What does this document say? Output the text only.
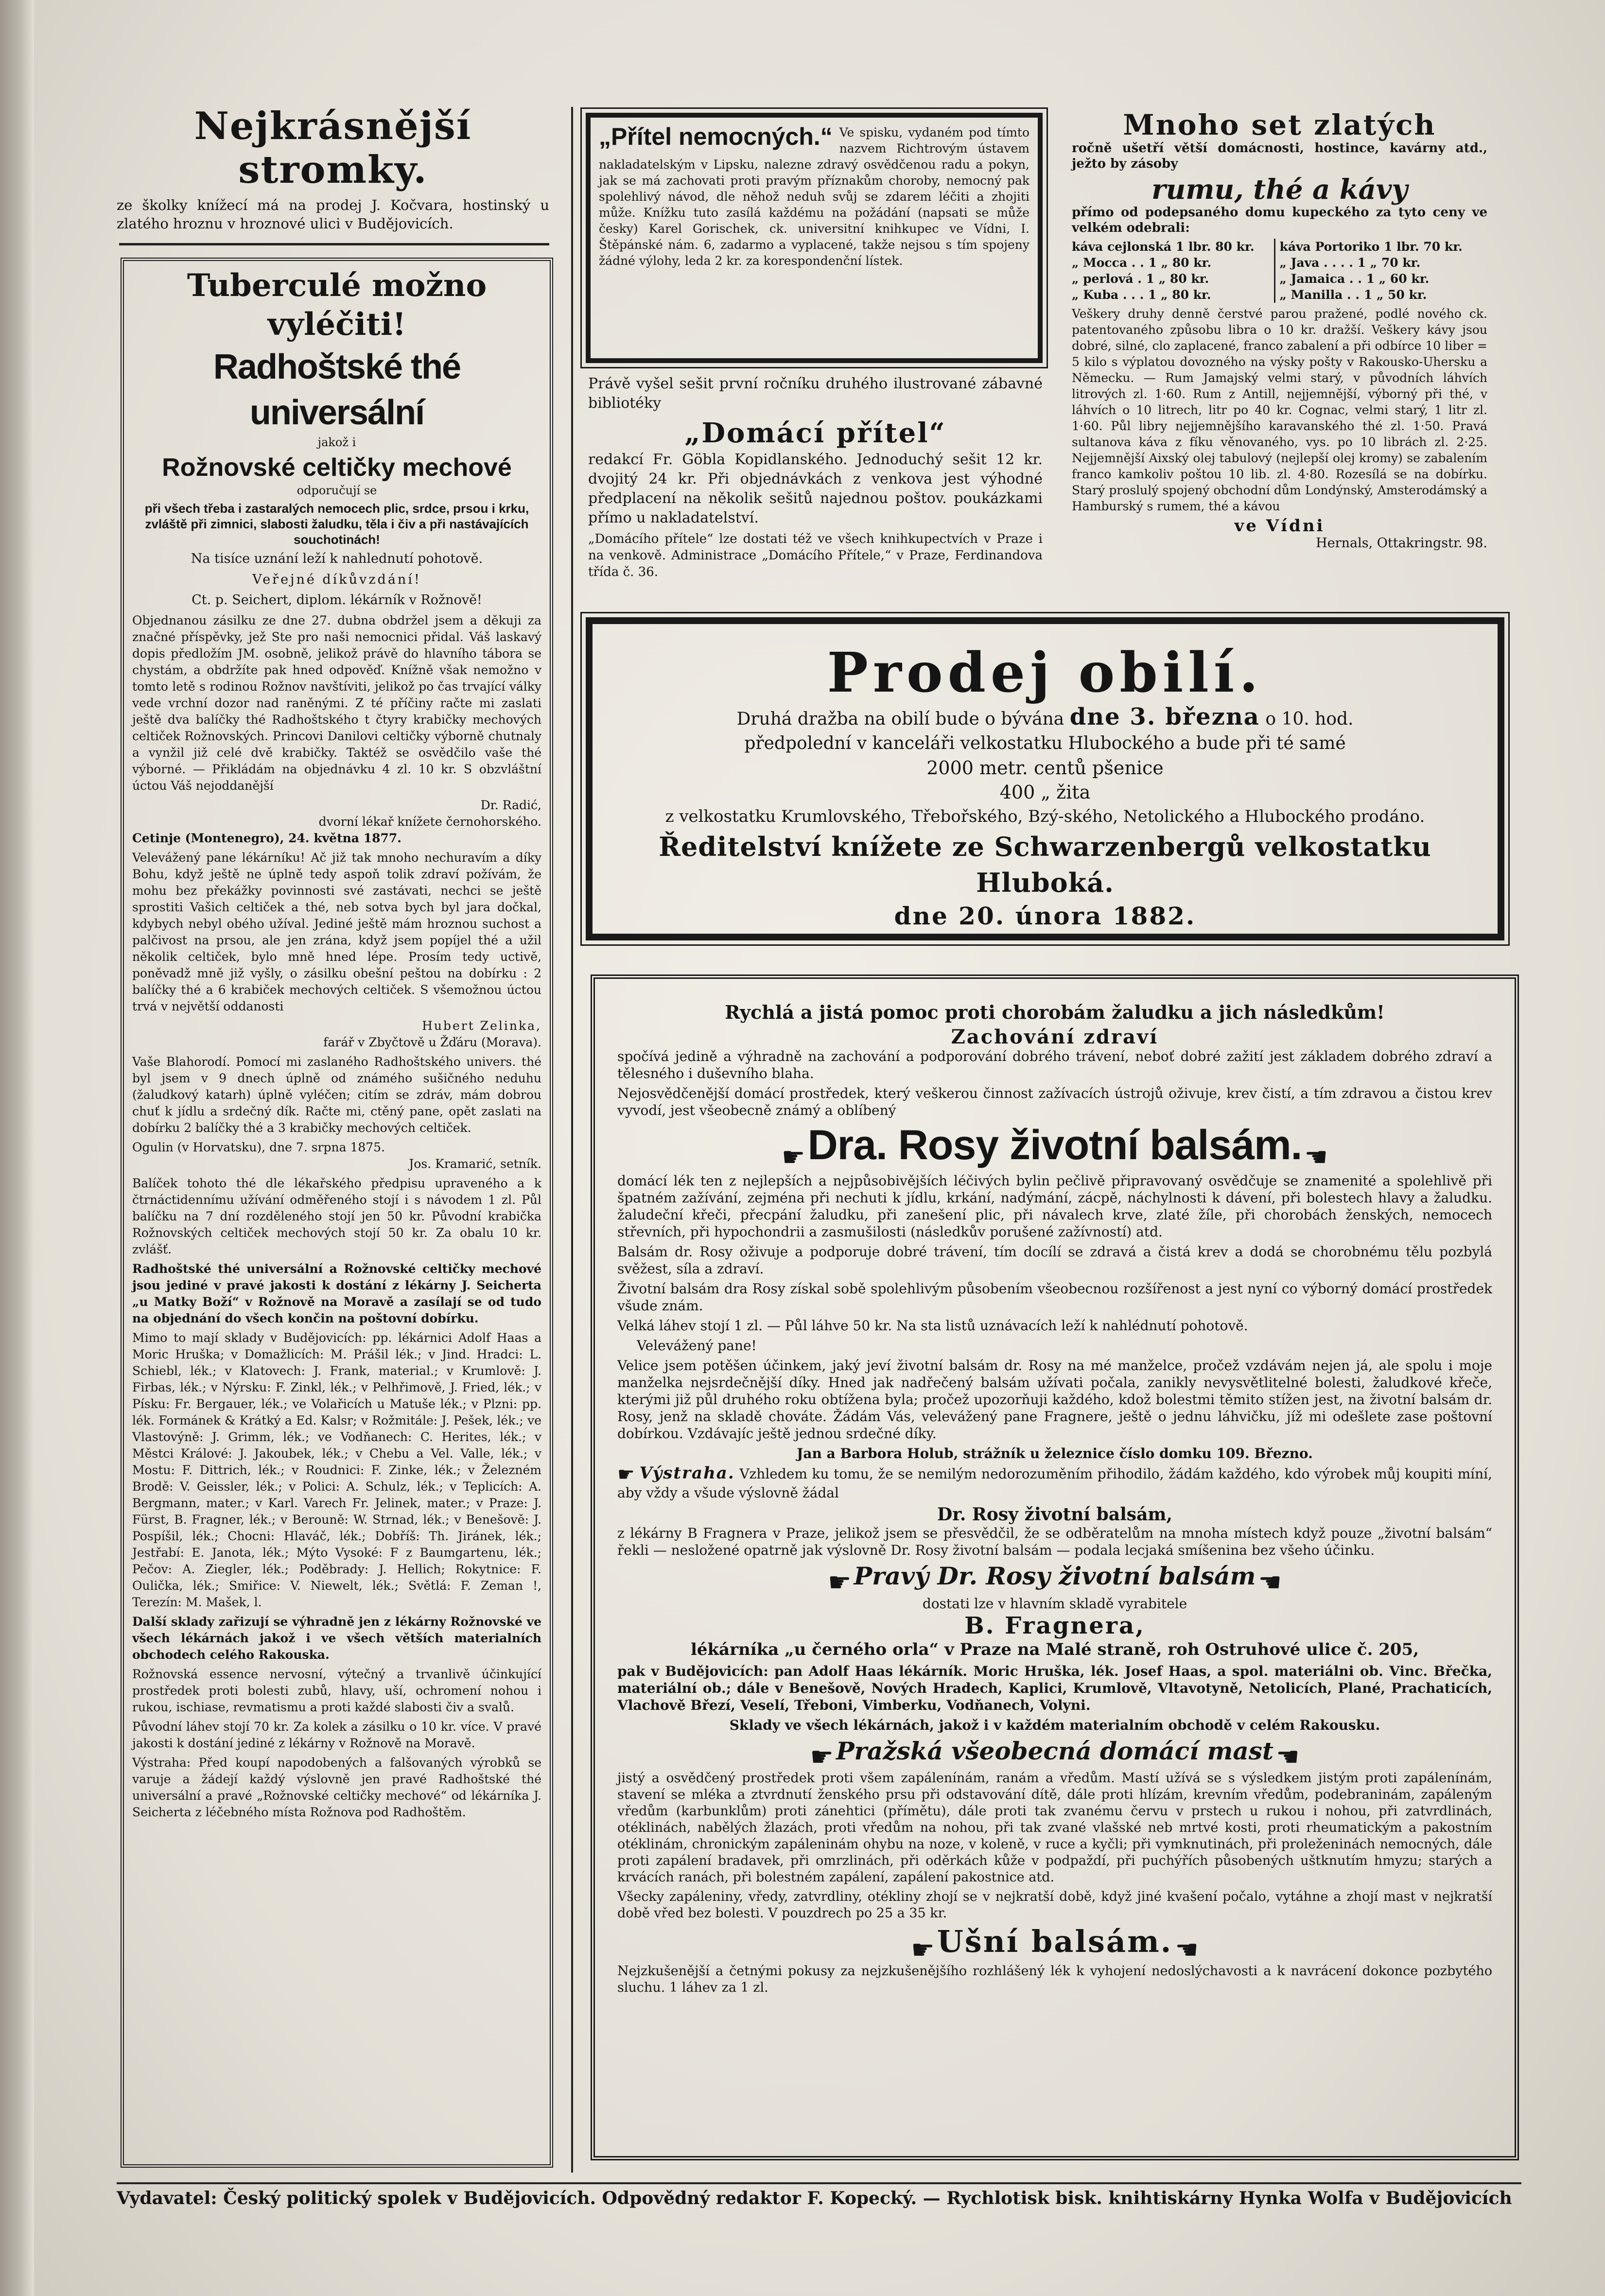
Nejkrásnější stromky.

ze školky knížecí má na prodej J. Kočvara, hostinský u zlatého hroznu v hroznové ulici v Budějovicích.

Tuberculé možno vyléčiti!
Radhoštské thé universální

jakož i

Rožnovské celtičky mechové

odporučují se

při všech třeba i zastaralých nemocech plic, srdce, prsou i krku, zvláště při zimnici, slabosti žaludku, těla i čiv a při nastávajících souchotinách!

Na tisíce uznání leží k nahlednutí pohotově.

Veřejné díkůvzdání!

Ct. p. Seichert, diplom. lékárník v Rožnově!

Objednanou zásilku ze dne 27. dubna obdržel jsem a děkuji za značné příspěvky, jež Ste pro naši nemocnici přidal. Váš laskavý dopis předložím JM. osobně, jelikož právě do hlavního tábora se chystám, a obdržíte pak hned odpověď. Knížně však nemožno v tomto letě s rodinou Rožnov navštíviti, jelikož po čas trvající války vede vrchní dozor nad raněnými. Z té příčiny račte mi zaslati ještě dva balíčky thé Radhoštského t čtyry krabičky mechových celtiček Rožnovských. Princovi Danilovi celtičky výborně chutnaly a vynžil již celé dvě krabičky. Taktéž se osvědčilo vaše thé výborné. — Přikládám na objednávku 4 zl. 10 kr. S obzvláštní úctou Váš nejoddanější

Dr. Radić,

dvorní lékař knížete černohorského.

Cetinje (Montenegro), 24. května 1877.

Velevážený pane lékárníku! Ač již tak mnoho nechuravím a díky Bohu, když ještě ne úplně tedy aspoň tolik zdraví požívám, že mohu bez překážky povinnosti své zastávati, nechci se ještě sprostiti Vašich celtiček a thé, neb sotva bych byl jara dočkal, kdybych nebyl obého užíval. Jediné ještě mám hroznou suchost a palčivost na prsou, ale jen zrána, když jsem popíjel thé a užil několik celtiček, bylo mně hned lépe. Prosím tedy uctivě, poněvadž mně již vyšly, o zásilku obešní peštou na dobírku : 2 balíčky thé a 6 krabiček mechových celtiček. S všemožnou úctou trvá v největší oddanosti

Hubert Zelinka,

farář v Zbyčtově u Žďáru (Morava).

Vaše Blahorodí. Pomocí mi zaslaného Radhoštského univers. thé byl jsem v 9 dnech úplně od známého sušičného neduhu (žaludkový katarh) úplně vyléčen; citím se zdráv, mám dobrou chuť k jídlu a srdečný dík. Račte mi, ctěný pane, opět zaslati na dobírku 2 balíčky thé a 3 krabičky mechových celtiček.

Ogulin (v Horvatsku), dne 7. srpna 1875.

Jos. Kramarić, setník.

Balíček tohoto thé dle lékařského předpisu upraveného a k čtrnáctidennímu užívání odměřeného stojí i s návodem 1 zl. Půl balíčku na 7 dní rozděleného stojí jen 50 kr. Původní krabička Rožnovských celtiček mechových stojí 50 kr. Za obalu 10 kr. zvlášť.

Radhoštské thé universální a Rožnovské celtičky mechové jsou jediné v pravé jakosti k dostání z lékárny J. Seichertа „u Matky Boží“ v Rožnově na Moravě a zasílají se od tudo na objednání do všech končin na poštovní dobírku.

Mimo to mají sklady v Budějovicích: pp. lékárnici Adolf Haas a Moric Hruška; v Domažlicích: M. Prášil lék.; v Jind. Hradci: L. Schiebl, lék.; v Klatovech: J. Frank, material.; v Krumlově: J. Firbas, lék.; v Nýrsku: F. Zinkl, lék.; v Pelhřimově, J. Fried, lék.; v Písku: Fr. Bergauer, lék.; ve Volařicích u Matuše lék.; v Plzni: pp. lék. Formánek & Krátký a Ed. Kalsr; v Rožmitále: J. Pešek, lék.; ve Vlastovýně: J. Grimm, lék.; ve Vodňanech: C. Herites, lék.; v Městci Králové: J. Jakoubek, lék.; v Chebu a Vel. Valle, lék.; v Mostu: F. Dittrich, lék.; v Roudnici: F. Zinke, lék.; v Železném Brodě: V. Geissler, lék.; v Polici: A. Schulz, lék.; v Teplicích: A. Bergmann, mater.; v Karl. Varech Fr. Jelinek, mater.; v Praze: J. Fürst, B. Fragner, lék.; v Berouně: W. Strnad, lék.; v Benešově: J. Pospíšil, lék.; Chocni: Hlaváč, lék.; Dobříš: Th. Jiránek, lék.; Jestřabí: E. Janota, lék.; Mýto Vysoké: F z Baumgartenu, lék.; Pečov: A. Ziegler, lék.; Poděbrady: J. Hellich; Rokytnice: F. Oulička, lék.; Smiřice: V. Niewelt, lék.; Světlá: F. Zeman !, Terezín: M. Mašek, l.

Další sklady zařizují se výhradně jen z lékárny Rožnovské ve všech lékárnách jakož i ve všech větších materialních obchodech celého Rakouska.

Rožnovská essence nervosní, výtečný a trvanlivě účinkující prostředek proti bolesti zubů, hlavy, uší, ochromení nohou i rukou, ischiase, revmatismu a proti každé slabosti čiv a svalů.

Původní láhev stojí 70 kr. Za kolek a zásilku o 10 kr. více. V pravé jakosti k dostání jediné z lékárny v Rožnově na Moravě.

Výstraha: Před koupí napodobených a falšovaných výrobků se varuje a žádejí každý výslovně jen pravé Radhoštské thé universální a pravé „Rožnovské celtičky mechové“ od lékárníka J. Seicherta z léčebného místa Rožnova pod Radhoštěm.

„Přítel nemocných.“ Ve spisku, vydaném pod tímto nazvem Richtrovým ústavem nakladatelským v Lipsku, nalezne zdravý osvědčenou radu a pokyn, jak se má zachovati proti pravým příznakům choroby, nemocný pak spolehlivý návod, dle něhož neduh svůj se zdarem léčiti a zhojiti může. Knížku tuto zasílá každému na požádání (napsati se může česky) Karel Gorischek, ck. universitní knihkupec ve Vídni, I. Štěpánské nám. 6, zadarmo a vyplacené, takže nejsou s tím spojeny žádné výlohy, leda 2 kr. za korespondenční lístek.

Právě vyšel sešit první ročníku druhého ilustrované zábavné bibliotéky

„Domácí přítel“

redakcí Fr. Göbla Kopidlanského. Jednoduchý sešit 12 kr. dvojitý 24 kr. Při objednávkách z venkova jest výhodné předplacení na několik sešitů najednou poštov. poukázkami přímo u nakladatelství.

„Domácího přítele“ lze dostati též ve všech knihkupectvích v Praze i na venkově. Administrace „Domácího Přítele,“ v Praze, Ferdinandova třída č. 36.

Mnoho set zlatých

ročně ušetří větší domácnosti, hostince, kavárny atd., ježto by zásoby

rumu, thé a kávy

přímo od podepsaného domu kupeckého za tyto ceny ve velkém odebrali:

káva cejlonská 1 lbr. 80 kr.
„ Mocca . . 1 „ 80 kr.
„ perlová . 1 „ 80 kr.
„ Kuba . . . 1 „ 80 kr.
káva Portoriko 1 lbr. 70 kr.
„ Java . . . . 1 „ 70 kr.
„ Jamaica . . 1 „ 60 kr.
„ Manilla . . 1 „ 50 kr.

Veškery druhy denně čerstvé parou pražené, podlé nového ck. patentovaného způsobu libra o 10 kr. dražší. Veškery kávy jsou dobré, silné, clo zaplacené, franco zabalení a při odbírce 10 liber = 5 kilo s výplatou dovozného na výsky pošty v Rakousko-Uhersku a Německu. — Rum Jamajský velmi starý, v původních láhvích litrových zl. 1·60. Rum z Antill, nejjemnější, výborný při thé, v láhvích o 10 litrech, litr po 40 kr. Cognac, velmi starý, 1 litr zl. 1·60. Půl libry nejjemnějšího karavanského thé zl. 1·50. Pravá sultanova káva z fíku věnovaného, vys. po 10 librách zl. 2·25. Nejjemnější Aixský olej tabulový (nejlepší olej kromy) se zabalením franco kamkoliv poštou 10 lib. zl. 4·80. Rozesílá se na dobírku. Starý proslulý spojený obchodní dům Londýnský, Amsterodámský a Hamburský s rumem, thé a kávou

ve Vídni

Hernals, Ottakringstr. 98.

Prodej obilí.
Druhá dražba na obilí bude o bývána dne 3. března o 10. hod.
předpolední v kanceláři velkostatku Hlubockého a bude při té samé
2000 metr. centů pšenice
400 „ žita
z velkostatku Krumlovského, Třebořského, Bzý-ského, Netolického a Hlubockého prodáno.
Ředitelství knížete ze Schwarzenbergů velkostatku Hluboká.
dne 20. února 1882.

Rychlá a jistá pomoc proti chorobám žaludku a jich následkům!

Zachování zdraví

spočívá jedině a výhradně na zachování a podporování dobrého trávení, neboť dobré zažití jest základem dobrého zdraví a tělesného i duševního blaha.

Nejosvědčenější domácí prostředek, který veškerou činnost zažívacích ústrojů oživuje, krev čistí, a tím zdravou a čistou krev vyvodí, jest všeobecně známý a oblíbený

☛ Dra. Rosy životní balsám. ☚

domácí lék ten z nejlepších a nejpůsobivějších léčivých bylin pečlivě připravovaný osvědčuje se znamenité a spolehlivě při špatném zažívání, zejména při nechuti k jídlu, krkání, nadýmání, zácpě, náchylnosti k dávení, při bolestech hlavy a žaludku. žaludeční křeči, přecpání žaludku, při zanešení plic, při návalech krve, zlaté žíle, při chorobách ženských, nemocech střevních, při hypochondrii a zasmušilosti (následkův porušené zažívností) atd.

Balsám dr. Rosy oživuje a podporuje dobré trávení, tím docílí se zdravá a čistá krev a dodá se chorobnému tělu pozbylá svěžest, síla a zdraví.

Životní balsám dra Rosy získal sobě spolehlivým působením všeobecnou rozšířenost a jest nyní co výborný domácí prostředek všude znám.

Velká láhev stojí 1 zl. — Půl láhve 50 kr. Na sta listů uznávacích leží k nahlédnutí pohotově.

Velevážený pane!

Velice jsem potěšen účinkem, jaký jeví životní balsám dr. Rosy na mé manželce, pročež vzdávám nejen já, ale spolu i moje manželka nejsrdečnější díky. Hned jak nadřečený balsám užívati počala, zanikly nevysvětlitelné bolesti, žaludkové křeče, kterými již půl druhého roku obtížena byla; pročež upozorňuji každého, kdož bolestmi těmito stížen jest, na životní balsám dr. Rosy, jenž na skladě chováte. Žádám Vás, velevážený pane Fragnere, ještě o jednu láhvičku, jíž mi odešlete zase poštovní dobírkou. Vzdávajíc ještě jednou srdečné díky.

Jan a Barbora Holub, strážník u železnice číslo domku 109. Březno.

☛ Výstraha. Vzhledem ku tomu, že se nemilým nedorozuměním přihodilo, žádám každého, kdo výrobek můj koupiti míní, aby vždy a všude výslovně žádal

Dr. Rosy životní balsám,

z lékárny B Fragnera v Praze, jelikož jsem se přesvědčil, že se odběratelům na mnoha místech když pouze „životní balsám“ řekli — nesložené opatrně jak výslovně Dr. Rosy životní balsám — podala lecjaká smíšenina bez všeho účinku.

☛ Pravý Dr. Rosy životní balsám ☚

dostati lze v hlavním skladě vyrabitele

B. Fragnera,

lékárníka „u černého orla“ v Praze na Malé straně, roh Ostruhové ulice č. 205,

pak v Budějovicích: pan Adolf Haas lékárník. Moric Hruška, lék. Josef Haas, a spol. materiálni ob. Vinc. Břečka, materiální ob.; dále v Benešově, Nových Hradech, Kaplici, Krumlově, Vltavotyně, Netolicích, Plané, Prachaticích, Vlachově Březí, Veselí, Třeboni, Vimberku, Vodňanech, Volyni.

Sklady ve všech lékárnách, jakož i v každém materialním obchodě v celém Rakousku.

☛ Pražská všeobecná domácí mast ☚

jistý a osvědčený prostředek proti všem zapálenínám, ranám a vředům. Mastí užívá se s výsledkem jistým proti zapálenínám, stavení se mléka a ztvrdnutí ženského prsu při odstavování dítě, dále proti hlízám, krevním vředům, podebraninám, zapáleným vředům (karbunklům) proti zánehtici (přímětu), dále proti tak zvanému červu v prstech u rukou i nohou, při zatvrdlinách, otéklinách, nabělých žlazách, proti vředům na nohou, při tak zvané vlašské neb mrtvé kosti, proti rheumatickým a pakostním otéklinám, chronickým zapáleninám ohybu na noze, v koleně, v ruce a kyčli; při vymknutinách, při proleženinách nemocných, dále proti zapálení bradavek, při omrzlinách, při oděrkách kůže v podpaždí, při puchýřích působených uštknutím hmyzu; starých a krvácích ranách, při bolestném zapálení, zapálení pakostnice atd.

Všecky zapáleniny, vředy, zatvrdliny, otékliny zhojí se v nejkratší době, když jiné kvašení počalo, vytáhne a zhojí mast v nejkratší době vřed bez bolesti. V pouzdrech po 25 a 35 kr.

☛ Ušní balsám. ☚

Nejzkušenější a četnými pokusy za nejzkušenějšího rozhlášený lék k vyhojení nedoslýchavosti a k navrácení dokonce pozbytého sluchu. 1 láhev za 1 zl.

Vydavatel: Český politický spolek v Budějovicích. Odpovědný redaktor F. Kopecký. — Rychlotisk bisk. knihtiskárny Hynka Wolfa v Budějovicích
